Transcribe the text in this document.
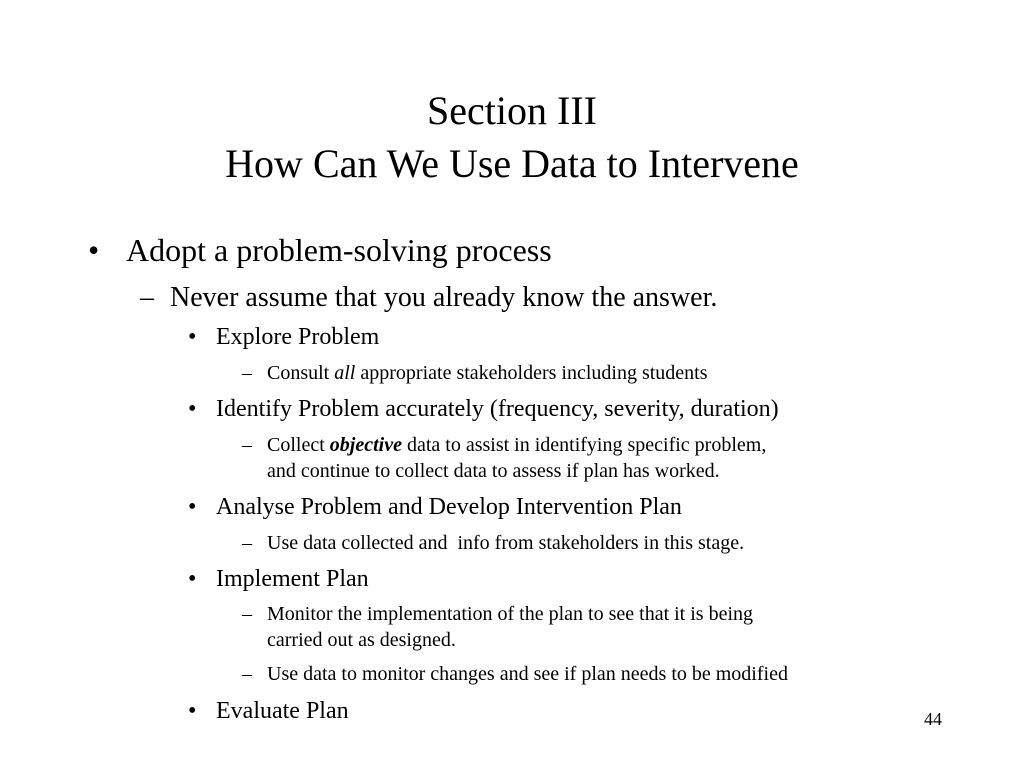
Section III
How Can We Use Data to Intervene
• Adopt a problem-solving process
– Never assume that you already know the answer.
• Explore Problem
– Consult all appropriate stakeholders including students
• Identify Problem accurately (frequency, severity, duration)
– Collect objective data to assist in identifying specific problem,
and continue to collect data to assess if plan has worked.
• Analyse Problem and Develop Intervention Plan
– Use data collected and  info from stakeholders in this stage.
• Implement Plan
– Monitor the implementation of the plan to see that it is being
carried out as designed.
– Use data to monitor changes and see if plan needs to be modified
• Evaluate Plan	44
